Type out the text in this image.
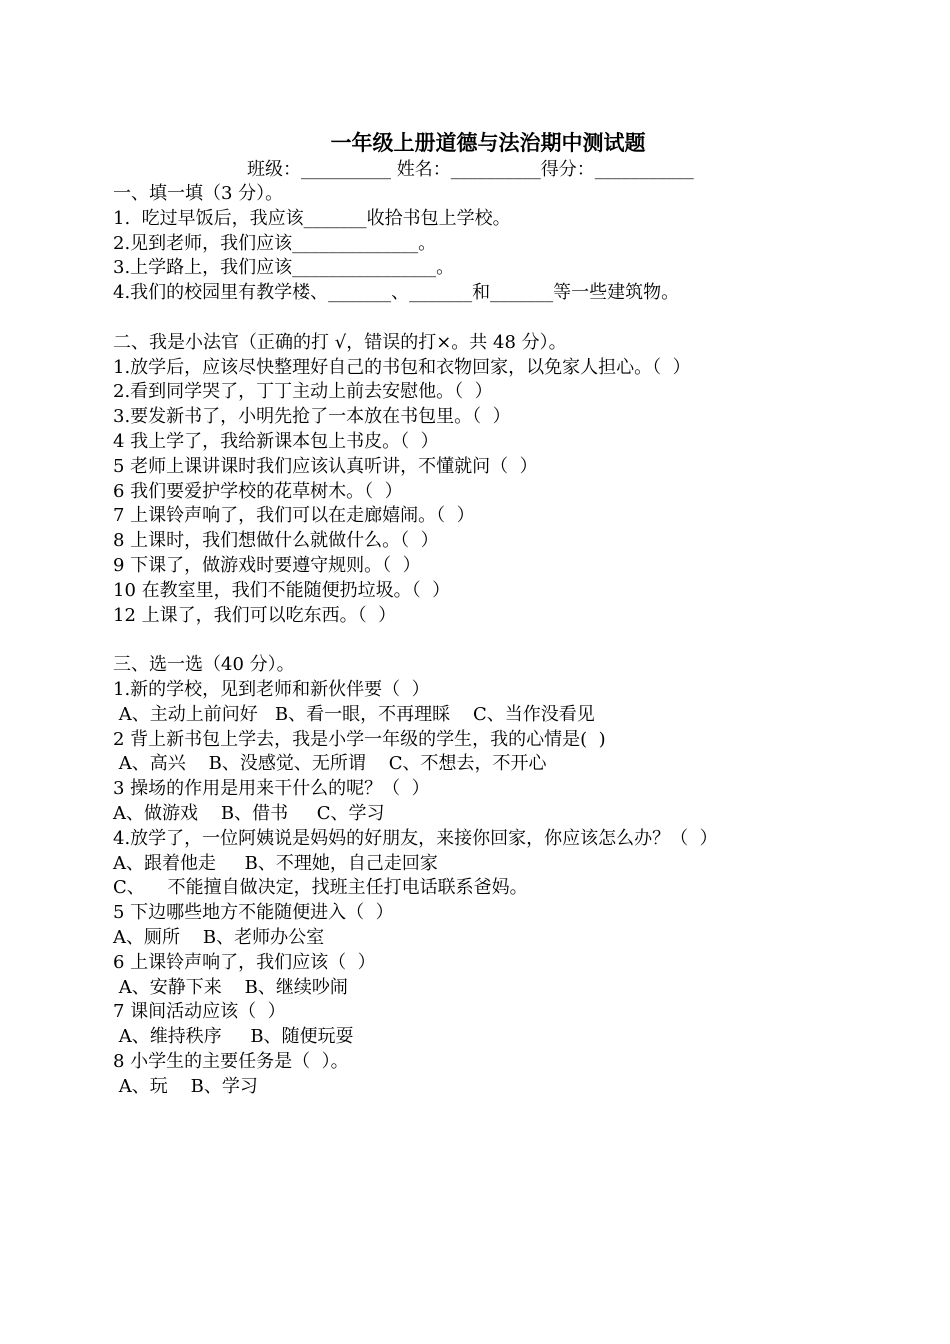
一年级上册道德与法治期中测试题
班级：__________ 姓名：__________得分：___________
一、填一填（3 分）。
1.  吃过早饭后，我应该_______收拾书包上学校。
2.见到老师，我们应该______________。
3.上学路上，我们应该________________。
4.我们的校园里有教学楼、_______、_______和_______等一些建筑物。
二、我是小法官（正确的打 √，错误的打×。共 48 分）。
1.放学后，应该尽快整理好自己的书包和衣物回家，以免家人担心。（  ）
2.看到同学哭了，丁丁主动上前去安慰他。（  ）
3.要发新书了，小明先抢了一本放在书包里。（  ）
4 我上学了，我给新课本包上书皮。（  ）
5 老师上课讲课时我们应该认真听讲，不懂就问（  ）
6 我们要爱护学校的花草树木。（  ）
7 上课铃声响了，我们可以在走廊嬉闹。（  ）
8 上课时，我们想做什么就做什么。（  ）
9 下课了，做游戏时要遵守规则。（  ）
10 在教室里，我们不能随便扔垃圾。（  ）
12 上课了，我们可以吃东西。（  ）
三、选一选（40 分）。
1.新的学校，见到老师和新伙伴要（  ）
A、主动上前问好   B、看一眼，不再理睬    C、当作没看见
2 背上新书包上学去，我是小学一年级的学生，我的心情是(  )
A、高兴    B、没感觉、无所谓    C、不想去，不开心
3 操场的作用是用来干什么的呢？（  ）
A、做游戏    B、借书     C、学习
4.放学了，一位阿姨说是妈妈的好朋友，来接你回家，你应该怎么办？（  ）
A、跟着他走     B、不理她，自己走回家
C、    不能擅自做决定，找班主任打电话联系爸妈。
5 下边哪些地方不能随便进入（  ）
A、厕所    B、老师办公室
6 上课铃声响了，我们应该（  ）
A、安静下来    B、继续吵闹
7 课间活动应该（  ）
A、维持秩序     B、随便玩耍
8 小学生的主要任务是（  ）。
A、玩    B、学习
